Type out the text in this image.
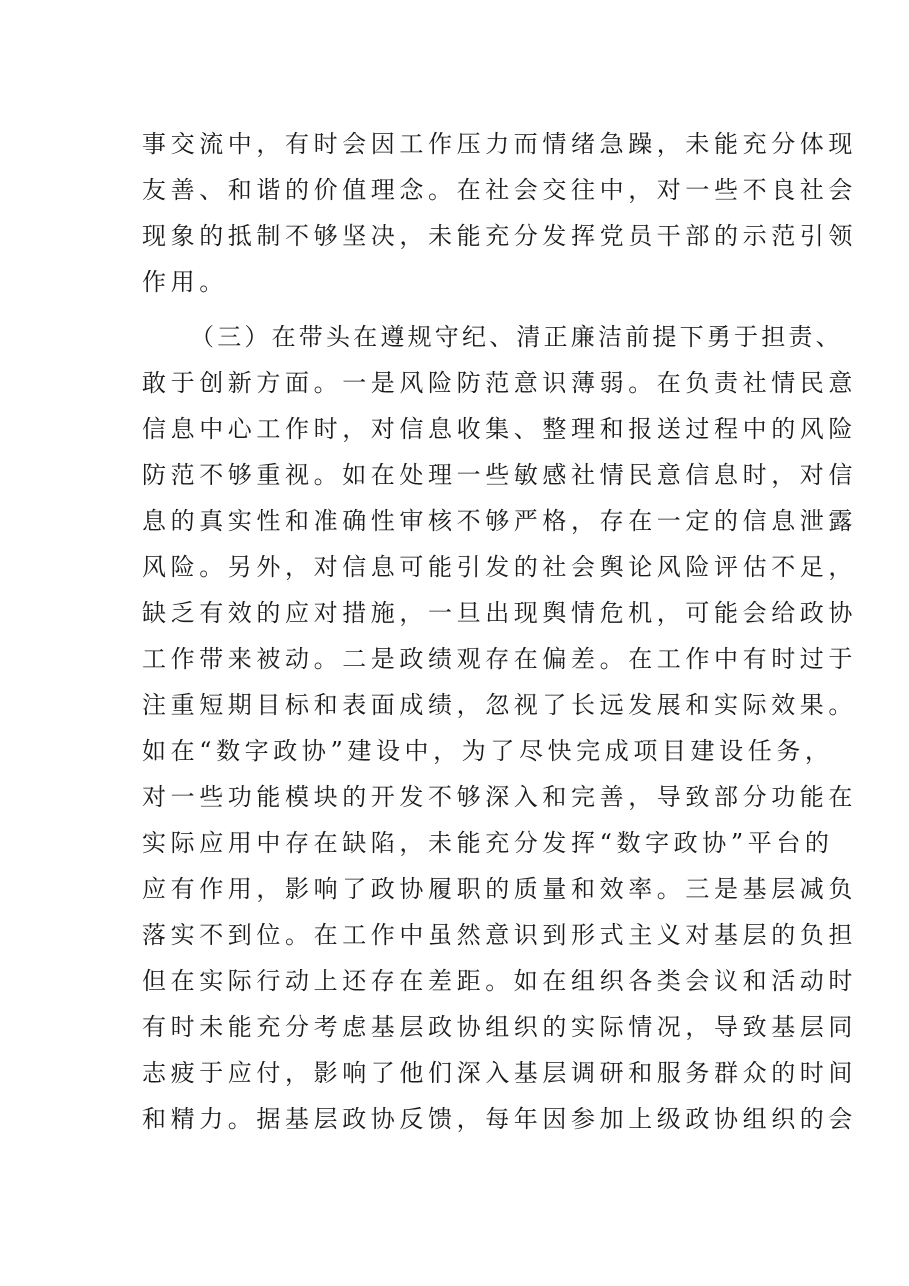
事交流中，有时会因工作压力而情绪急躁，未能充分体现
友善、和谐的价值理念。在社会交往中，对一些不良社会
现象的抵制不够坚决，未能充分发挥党员干部的示范引领
作用。
（三）在带头在遵规守纪、清正廉洁前提下勇于担责、
敢于创新方面。一是风险防范意识薄弱。在负责社情民意
信息中心工作时，对信息收集、整理和报送过程中的风险
防范不够重视。如在处理一些敏感社情民意信息时，对信
息的真实性和准确性审核不够严格，存在一定的信息泄露
风险。另外，对信息可能引发的社会舆论风险评估不足，
缺乏有效的应对措施，一旦出现舆情危机，可能会给政协
工作带来被动。二是政绩观存在偏差。在工作中有时过于
注重短期目标和表面成绩，忽视了长远发展和实际效果。
如在“数字政协”建设中，为了尽快完成项目建设任务，
对一些功能模块的开发不够深入和完善，导致部分功能在
实际应用中存在缺陷，未能充分发挥“数字政协”平台的
应有作用，影响了政协履职的质量和效率。三是基层减负
落实不到位。在工作中虽然意识到形式主义对基层的负担
但在实际行动上还存在差距。如在组织各类会议和活动时
有时未能充分考虑基层政协组织的实际情况，导致基层同
志疲于应付，影响了他们深入基层调研和服务群众的时间
和精力。据基层政协反馈，每年因参加上级政协组织的会
